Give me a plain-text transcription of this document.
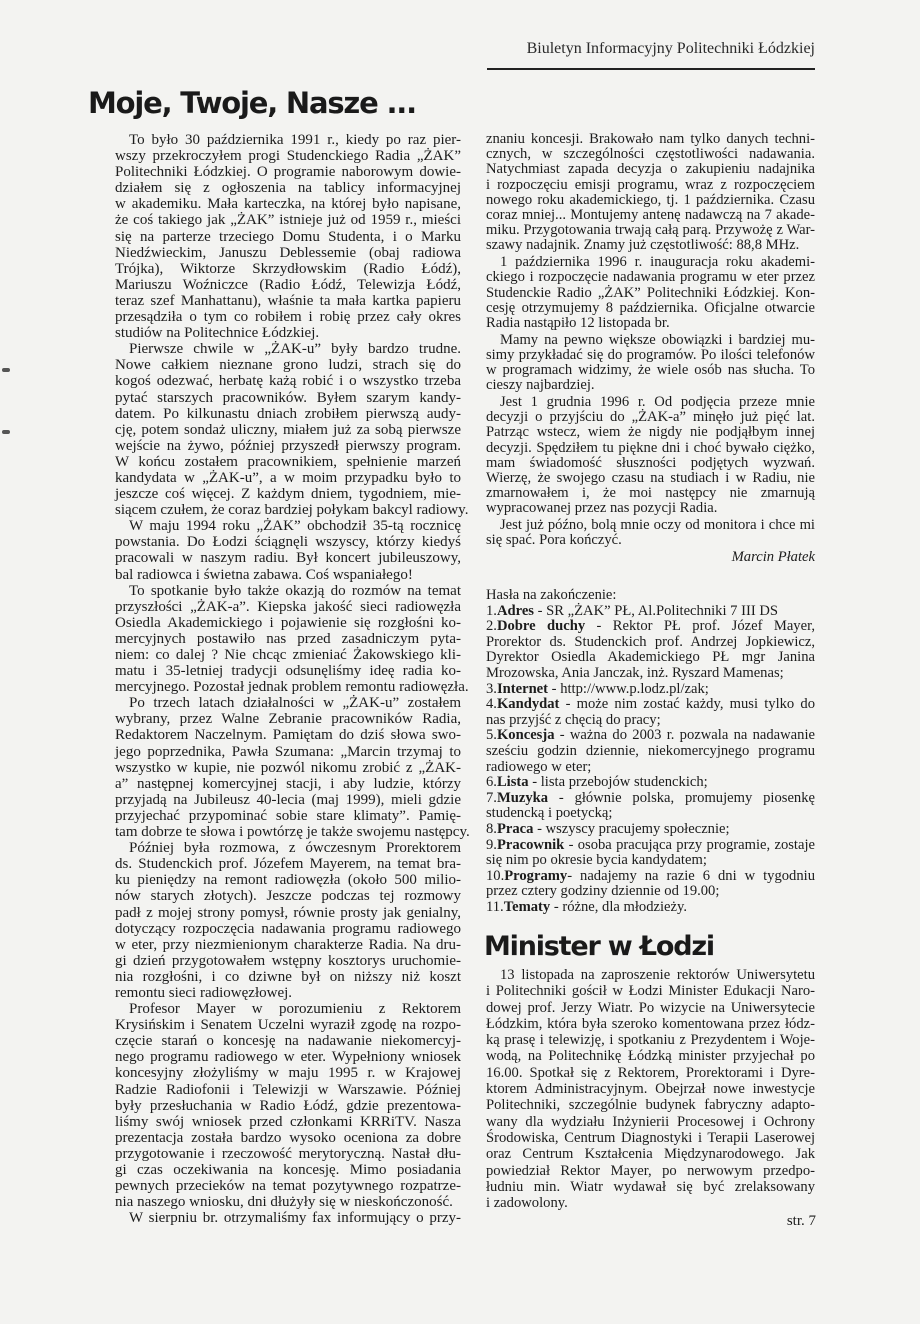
Biuletyn Informacyjny Politechniki Łódzkiej
Moje, Twoje, Nasze ...
To było 30 października 1991 r., kiedy po raz pier-
wszy przekroczyłem progi Studenckiego Radia „ŻAK”
Politechniki Łódzkiej. O programie naborowym dowie-
działem się z ogłoszenia na tablicy informacyjnej
w akademiku. Mała karteczka, na której było napisane,
że coś takiego jak „ŻAK” istnieje już od 1959 r., mieści
się na parterze trzeciego Domu Studenta, i o Marku
Niedźwieckim, Januszu Deblessemie (obaj radiowa
Trójka), Wiktorze Skrzydłowskim (Radio Łódź),
Mariuszu Woźniczce (Radio Łódź, Telewizja Łódź,
teraz szef Manhattanu), właśnie ta mała kartka papieru
przesądziła o tym co robiłem i robię przez cały okres
studiów na Politechnice Łódzkiej.
Pierwsze chwile w „ŻAK-u” były bardzo trudne.
Nowe całkiem nieznane grono ludzi, strach się do
kogoś odezwać, herbatę każą robić i o wszystko trzeba
pytać starszych pracowników. Byłem szarym kandy-
datem. Po kilkunastu dniach zrobiłem pierwszą audy-
cję, potem sondaż uliczny, miałem już za sobą pierwsze
wejście na żywo, później przyszedł pierwszy program.
W końcu zostałem pracownikiem, spełnienie marzeń
kandydata w „ŻAK-u”, a w moim przypadku było to
jeszcze coś więcej. Z każdym dniem, tygodniem, mie-
siącem czułem, że coraz bardziej połykam bakcyl radiowy.
W maju 1994 roku „ŻAK” obchodził 35-tą rocznicę
powstania. Do Łodzi ściągnęli wszyscy, którzy kiedyś
pracowali w naszym radiu. Był koncert jubileuszowy,
bal radiowca i świetna zabawa. Coś wspaniałego!
To spotkanie było także okazją do rozmów na temat
przyszłości „ŻAK-a”. Kiepska jakość sieci radiowęzła
Osiedla Akademickiego i pojawienie się rozgłośni ko-
mercyjnych postawiło nas przed zasadniczym pyta-
niem: co dalej ? Nie chcąc zmieniać Żakowskiego kli-
matu i 35-letniej tradycji odsunęliśmy ideę radia ko-
mercyjnego. Pozostał jednak problem remontu radiowęzła.
Po trzech latach działalności w „ŻAK-u” zostałem
wybrany, przez Walne Zebranie pracowników Radia,
Redaktorem Naczelnym. Pamiętam do dziś słowa swo-
jego poprzednika, Pawła Szumana: „Marcin trzymaj to
wszystko w kupie, nie pozwól nikomu zrobić z „ŻAK-
a” następnej komercyjnej stacji, i aby ludzie, którzy
przyjadą na Jubileusz 40-lecia (maj 1999), mieli gdzie
przyjechać przypominać sobie stare klimaty”. Pamię-
tam dobrze te słowa i powtórzę je także swojemu następcy.
Później była rozmowa, z ówczesnym Prorektorem
ds. Studenckich prof. Józefem Mayerem, na temat bra-
ku pieniędzy na remont radiowęzła (około 500 milio-
nów starych złotych). Jeszcze podczas tej rozmowy
padł z mojej strony pomysł, równie prosty jak genialny,
dotyczący rozpoczęcia nadawania programu radiowego
w eter, przy niezmienionym charakterze Radia. Na dru-
gi dzień przygotowałem wstępny kosztorys uruchomie-
nia rozgłośni, i co dziwne był on niższy niż koszt
remontu sieci radiowęzłowej.
Profesor Mayer w porozumieniu z Rektorem
Krysińskim i Senatem Uczelni wyraził zgodę na rozpo-
częcie starań o koncesję na nadawanie niekomercyj-
nego programu radiowego w eter. Wypełniony wniosek
koncesyjny złożyliśmy w maju 1995 r. w Krajowej
Radzie Radiofonii i Telewizji w Warszawie. Później
były przesłuchania w Radio Łódź, gdzie prezentowa-
liśmy swój wniosek przed członkami KRRiTV. Nasza
prezentacja została bardzo wysoko oceniona za dobre
przygotowanie i rzeczowość merytoryczną. Nastał dłu-
gi czas oczekiwania na koncesję. Mimo posiadania
pewnych przecieków na temat pozytywnego rozpatrze-
nia naszego wniosku, dni dłużyły się w nieskończoność.
W sierpniu br. otrzymaliśmy fax informujący o przy-
znaniu koncesji. Brakowało nam tylko danych techni-
cznych, w szczególności częstotliwości nadawania.
Natychmiast zapada decyzja o zakupieniu nadajnika
i rozpoczęciu emisji programu, wraz z rozpoczęciem
nowego roku akademickiego, tj. 1 października. Czasu
coraz mniej... Montujemy antenę nadawczą na 7 akade-
miku. Przygotowania trwają całą parą. Przywożę z War-
szawy nadajnik. Znamy już częstotliwość: 88,8 MHz.
1 października 1996 r. inauguracja roku akademi-
ckiego i rozpoczęcie nadawania programu w eter przez
Studenckie Radio „ŻAK” Politechniki Łódzkiej. Kon-
cesję otrzymujemy 8 października. Oficjalne otwarcie
Radia nastąpiło 12 listopada br.
Mamy na pewno większe obowiązki i bardziej mu-
simy przykładać się do programów. Po ilości telefonów
w programach widzimy, że wiele osób nas słucha. To
cieszy najbardziej.
Jest 1 grudnia 1996 r. Od podjęcia przeze mnie
decyzji o przyjściu do „ŻAK-a” minęło już pięć lat.
Patrząc wstecz, wiem że nigdy nie podjąłbym innej
decyzji. Spędziłem tu piękne dni i choć bywało ciężko,
mam świadomość słuszności podjętych wyzwań.
Wierzę, że swojego czasu na studiach i w Radiu, nie
zmarnowałem i, że moi następcy nie zmarnują
wypracowanej przez nas pozycji Radia.
Jest już późno, bolą mnie oczy od monitora i chce mi
się spać. Pora kończyć.
Marcin Płatek
Hasła na zakończenie:
1.Adres - SR „ŻAK” PŁ, Al.Politechniki 7 III DS
2.Dobre duchy - Rektor PŁ prof. Józef Mayer,
Prorektor ds. Studenckich prof. Andrzej Jopkiewicz,
Dyrektor Osiedla Akademickiego PŁ mgr Janina
Mrozowska, Ania Janczak, inż. Ryszard Mamenas;
3.Internet - http://www.p.lodz.pl/zak;
4.Kandydat - może nim zostać każdy, musi tylko do
nas przyjść z chęcią do pracy;
5.Koncesja - ważna do 2003 r. pozwala na nadawanie
sześciu godzin dziennie, niekomercyjnego programu
radiowego w eter;
6.Lista - lista przebojów studenckich;
7.Muzyka - głównie polska, promujemy piosenkę
studencką i poetycką;
8.Praca - wszyscy pracujemy społecznie;
9.Pracownik - osoba pracująca przy programie, zostaje
się nim po okresie bycia kandydatem;
10.Programy- nadajemy na razie 6 dni w tygodniu
przez cztery godziny dziennie od 19.00;
11.Tematy - różne, dla młodzieży.
Minister w Łodzi
13 listopada na zaproszenie rektorów Uniwersytetu
i Politechniki gościł w Łodzi Minister Edukacji Naro-
dowej prof. Jerzy Wiatr. Po wizycie na Uniwersytecie
Łódzkim, która była szeroko komentowana przez łódz-
ką prasę i telewizję, i spotkaniu z Prezydentem i Woje-
wodą, na Politechnikę Łódzką minister przyjechał po
16.00. Spotkał się z Rektorem, Prorektorami i Dyre-
ktorem Administracyjnym. Obejrzał nowe inwestycje
Politechniki, szczególnie budynek fabryczny adapto-
wany dla wydziału Inżynierii Procesowej i Ochrony
Środowiska, Centrum Diagnostyki i Terapii Laserowej
oraz Centrum Kształcenia Międzynarodowego. Jak
powiedział Rektor Mayer, po nerwowym przedpo-
łudniu min. Wiatr wydawał się być zrelaksowany
i zadowolony.
str. 7
